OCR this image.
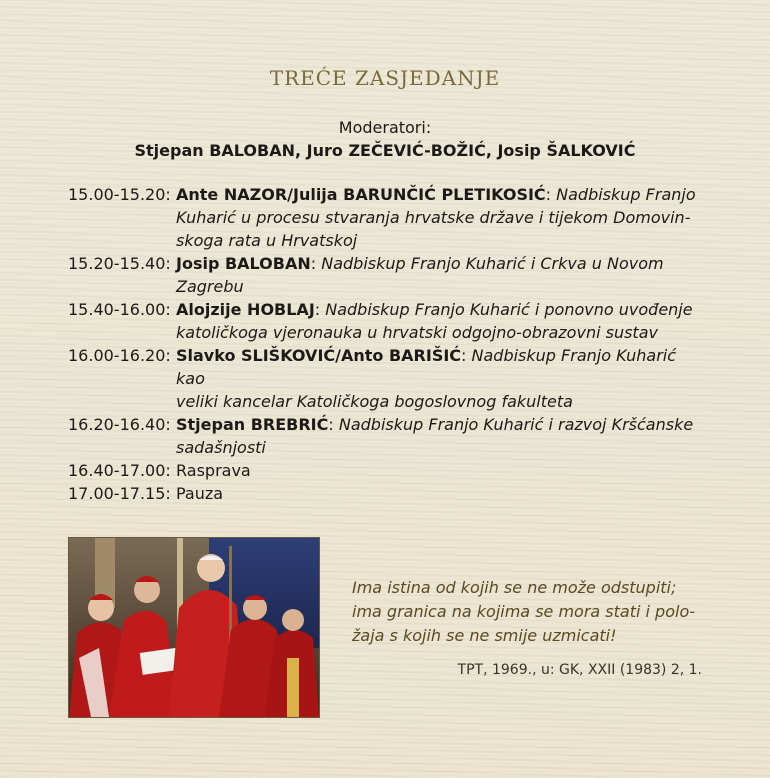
TREĆE ZASJEDANJE
Moderatori:
Stjepan BALOBAN, Juro ZEČEVIĆ-BOŽIĆ, Josip ŠALKOVIĆ
15.00-15.20: Ante NAZOR/Julija BARUNČIĆ PLETIKOSIĆ: Nadbiskup Franjo
Kuharić u procesu stvaranja hrvatske države i tijekom Domovin-
skoga rata u Hrvatskoj
15.20-15.40: Josip BALOBAN: Nadbiskup Franjo Kuharić i Crkva u Novom
Zagrebu
15.40-16.00: Alojzije HOBLAJ: Nadbiskup Franjo Kuharić i ponovno uvođenje
katoličkoga vjeronauka u hrvatski odgojno-obrazovni sustav
16.00-16.20: Slavko SLIŠKOVIĆ/Anto BARIŠIĆ: Nadbiskup Franjo Kuharić kao
veliki kancelar Katoličkoga bogoslovnog fakulteta
16.20-16.40: Stjepan BREBRIĆ: Nadbiskup Franjo Kuharić i razvoj Kršćanske
sadašnjosti
16.40-17.00: Rasprava
17.00-17.15: Pauza

Ima istina od kojih se ne može odstupiti;

ima granica na kojima se mora stati i polo-

žaja s kojih se ne smije uzmicati!

TPT, 1969., u: GK, XXII (1983) 2, 1.
